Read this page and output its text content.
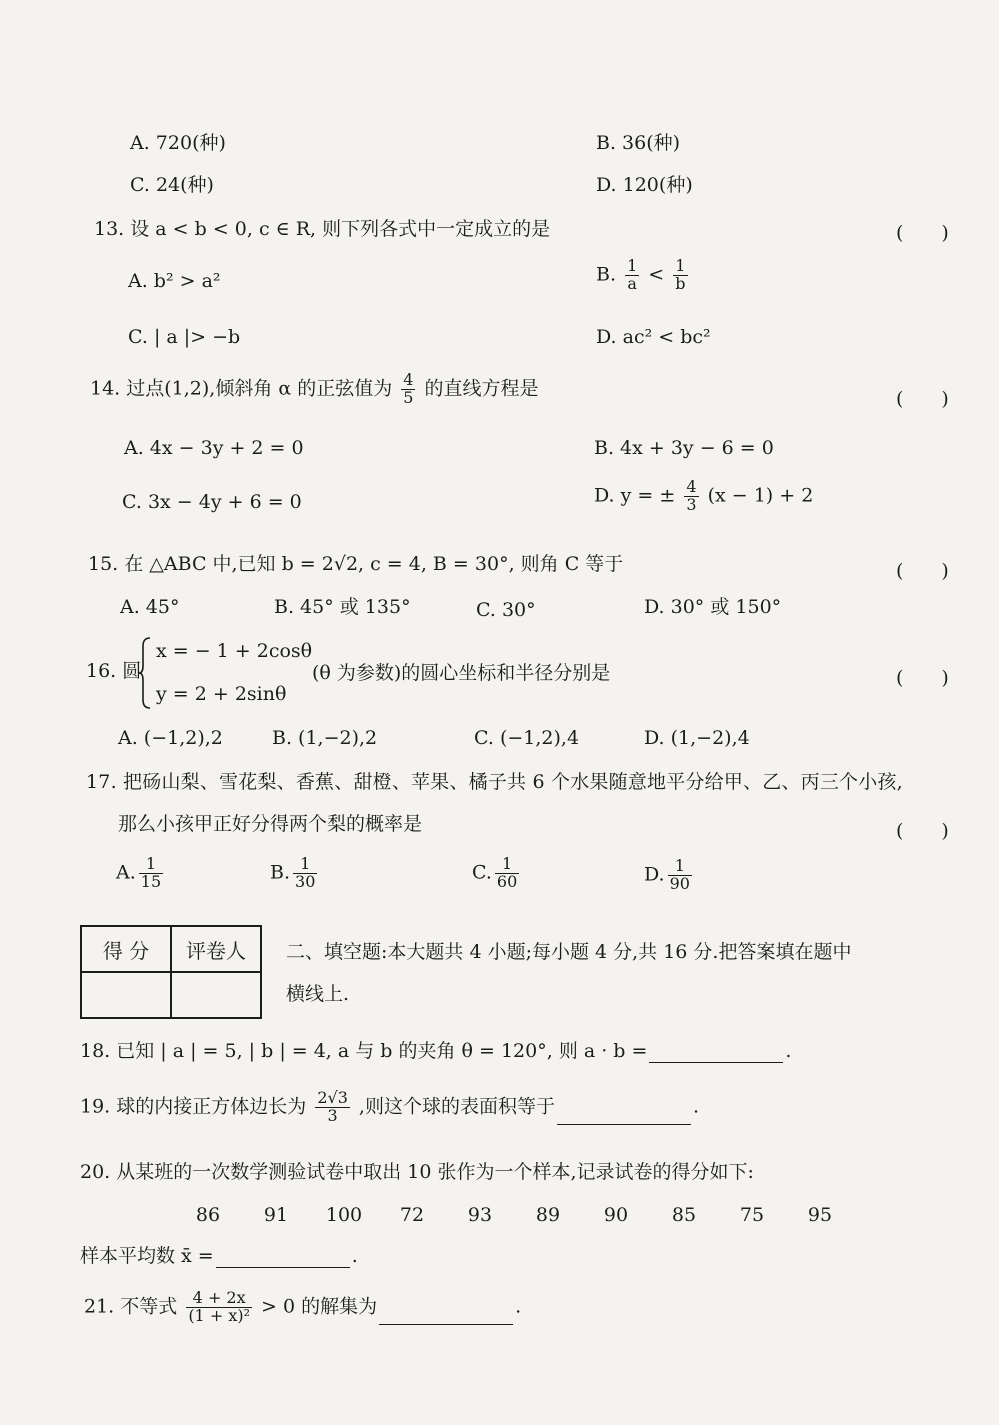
A. 720(种)	B. 36(种)
C. 24(种)	D. 120(种)
13. 设 a < b < 0, c ∈ R, 则下列各式中一定成立的是	(　　)
A. b² > a²	B. $\frac{1}{a} < \frac{1}{b}$
C. | a |> −b	D. ac² < bc²
14. 过点(1,2),倾斜角 α 的正弦值为 $\frac{4}{5}$ 的直线方程是	(　　)
A. 4x − 3y + 2 = 0	B. 4x + 3y − 6 = 0
C. 3x − 4y + 6 = 0	D. y = ± $\frac{4}{3} (x - 1) + 2$
15. 在 △ABC 中,已知 b = 2√2, c = 4, B = 30°, 则角 C 等于	(　　)
A. 45°	B. 45° 或 135°	C. 30°	D. 30° 或 150°
16. 圆
x = − 1 + 2cosθ
y = 2 + 2sinθ
(θ 为参数)的圆心坐标和半径分别是	(　　)
A. (−1,2),2	B. (1,−2),2	C. (−1,2),4	D. (1,−2),4
17. 把砀山梨、雪花梨、香蕉、甜橙、苹果、橘子共 6 个水果随意地平分给甲、乙、丙三个小孩,
那么小孩甲正好分得两个梨的概率是	(　　)
A. $\frac{1}{15}$	B. $\frac{1}{30}$	C. $\frac{1}{60}$	D. $\frac{1}{90}$
得 分	评卷人
	二、填空题:本大题共 4 小题;每小题 4 分,共 16 分.把答案填在题中
横线上.
18. 已知 | a | = 5, | b | = 4, a 与 b 的夹角 θ = 120°, 则 a · b =	.
19. 球的内接正方体边长为 $\frac{2√3}{3}$ ,则这个球的表面积等于	.
20. 从某班的一次数学测验试卷中取出 10 张作为一个样本,记录试卷的得分如下:
86 91 100 72 93 89 90 85 75 95
样本平均数 x̄ =	.
21. 不等式 $\frac{4 + 2x}{\text{(1 + x)²}} > 0$ 的解集为	.
